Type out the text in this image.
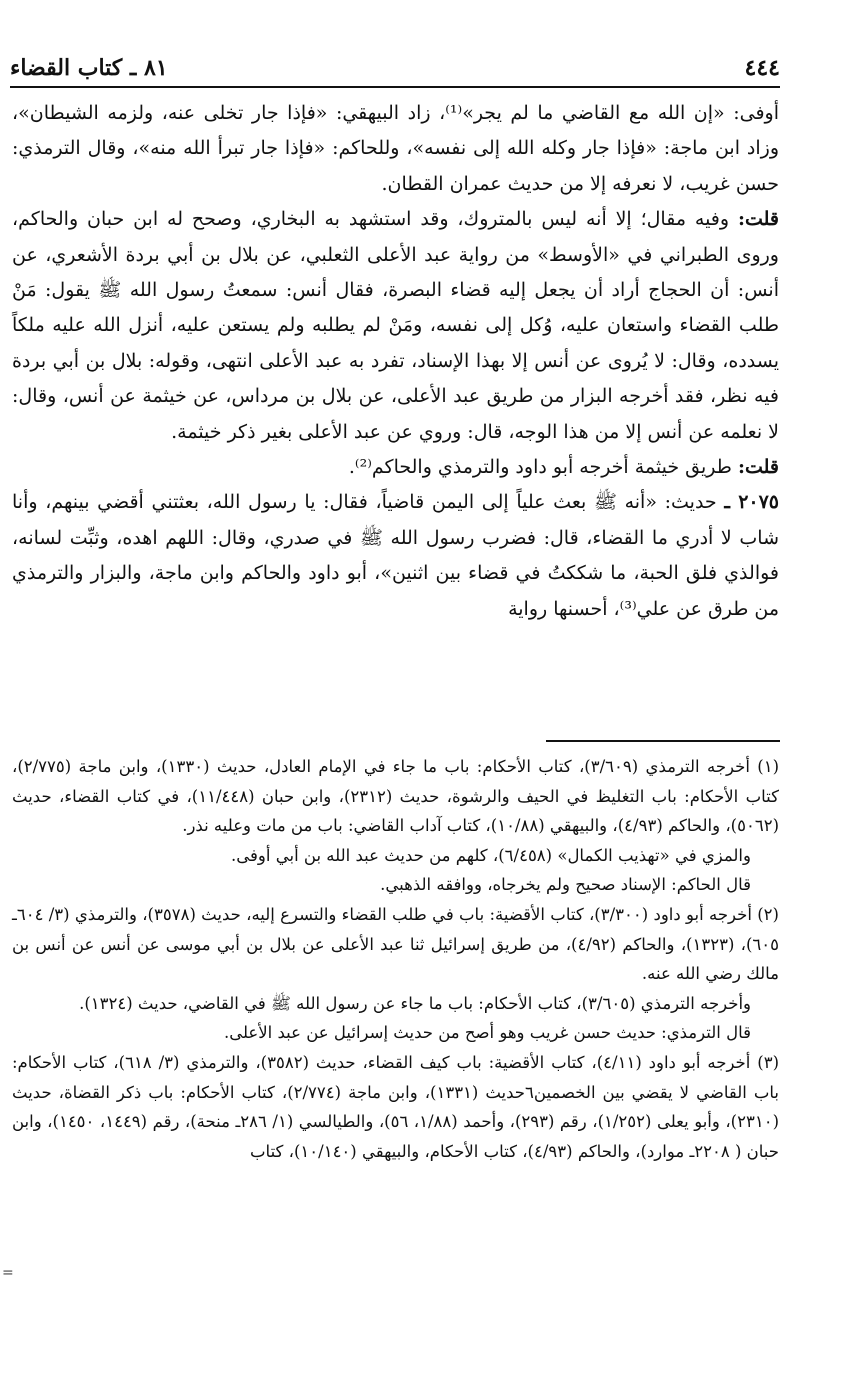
٤٤٤
٨١ ـ كتاب القضاء

أوفى: «إن الله مع القاضي ما لم يجر»⁽¹⁾، زاد البيهقي: «فإذا جار تخلى عنه، ولزمه الشيطان»، وزاد ابن ماجة: «فإذا جار وكله الله إلى نفسه»، وللحاكم: «فإذا جار تبرأ الله منه»، وقال الترمذي: حسن غريب، لا نعرفه إلا من حديث عمران القطان.

قلت: وفيه مقال؛ إلا أنه ليس بالمتروك، وقد استشهد به البخاري، وصحح له ابن حبان والحاكم، وروى الطبراني في «الأوسط» من رواية عبد الأعلى الثعلبي، عن بلال بن أبي بردة الأشعري، عن أنس: أن الحجاج أراد أن يجعل إليه قضاء البصرة، فقال أنس: سمعتُ رسول الله ﷺ يقول: مَنْ طلب القضاء واستعان عليه، وُكل إلى نفسه، ومَنْ لم يطلبه ولم يستعن عليه، أنزل الله عليه ملكاً يسدده، وقال: لا يُروى عن أنس إلا بهذا الإسناد، تفرد به عبد الأعلى انتهى، وقوله: بلال بن أبي بردة فيه نظر، فقد أخرجه البزار من طريق عبد الأعلى، عن بلال بن مرداس، عن خيثمة عن أنس، وقال: لا نعلمه عن أنس إلا من هذا الوجه، قال: وروي عن عبد الأعلى بغير ذكر خيثمة.

قلت: طريق خيثمة أخرجه أبو داود والترمذي والحاكم⁽²⁾.

٢٠٧٥ ـ حديث: «أنه ﷺ بعث علياً إلى اليمن قاضياً، فقال: يا رسول الله، بعثتني أقضي بينهم، وأنا شاب لا أدري ما القضاء، قال: فضرب رسول الله ﷺ في صدري، وقال: اللهم اهده، وثبِّت لسانه، فوالذي فلق الحبة، ما شككتُ في قضاء بين اثنين»، أبو داود والحاكم وابن ماجة، والبزار والترمذي من طرق عن علي⁽³⁾، أحسنها رواية

(١) أخرجه الترمذي (٣/٦٠٩)، كتاب الأحكام: باب ما جاء في الإمام العادل، حديث (١٣٣٠)، وابن ماجة (٢/٧٧٥)، كتاب الأحكام: باب التغليظ في الحيف والرشوة، حديث (٢٣١٢)، وابن حبان (١١/٤٤٨)، في كتاب القضاء، حديث (٥٠٦٢)، والحاكم (٤/٩٣)، والبيهقي (١٠/٨٨)، كتاب آداب القاضي: باب من مات وعليه نذر.

والمزي في «تهذيب الكمال» (٦/٤٥٨)، كلهم من حديث عبد الله بن أبي أوفى.

قال الحاكم: الإسناد صحيح ولم يخرجاه، ووافقه الذهبي.

(٢) أخرجه أبو داود (٣/٣٠٠)، كتاب الأقضية: باب في طلب القضاء والتسرع إليه، حديث (٣٥٧٨)، والترمذي (٣/ ٦٠٤ـ ٦٠٥)، (١٣٢٣)، والحاكم (٤/٩٢)، من طريق إسرائيل ثنا عبد الأعلى عن بلال بن أبي موسى عن أنس عن أنس بن مالك رضي الله عنه.

وأخرجه الترمذي (٣/٦٠٥)، كتاب الأحكام: باب ما جاء عن رسول الله ﷺ في القاضي، حديث (١٣٢٤).

قال الترمذي: حديث حسن غريب وهو أصح من حديث إسرائيل عن عبد الأعلى.

(٣) أخرجه أبو داود (٤/١١)، كتاب الأقضية: باب كيف القضاء، حديث (٣٥٨٢)، والترمذي (٣/ ٦١٨)، كتاب الأحكام: باب القاضي لا يقضي بين الخصمين٦حديث (١٣٣١)، وابن ماجة (٢/٧٧٤)، كتاب الأحكام: باب ذكر القضاة، حديث (٢٣١٠)، وأبو يعلى (١/٢٥٢)، رقم (٢٩٣)، وأحمد (١/٨٨، ٥٦)، والطيالسي (١/ ٢٨٦ـ منحة)، رقم (١٤٤٩، ١٤٥٠)، وابن حبان ( ٢٢٠٨ـ موارد)، والحاكم (٤/٩٣)، كتاب الأحكام، والبيهقي (١٠/١٤٠)، كتاب

=
